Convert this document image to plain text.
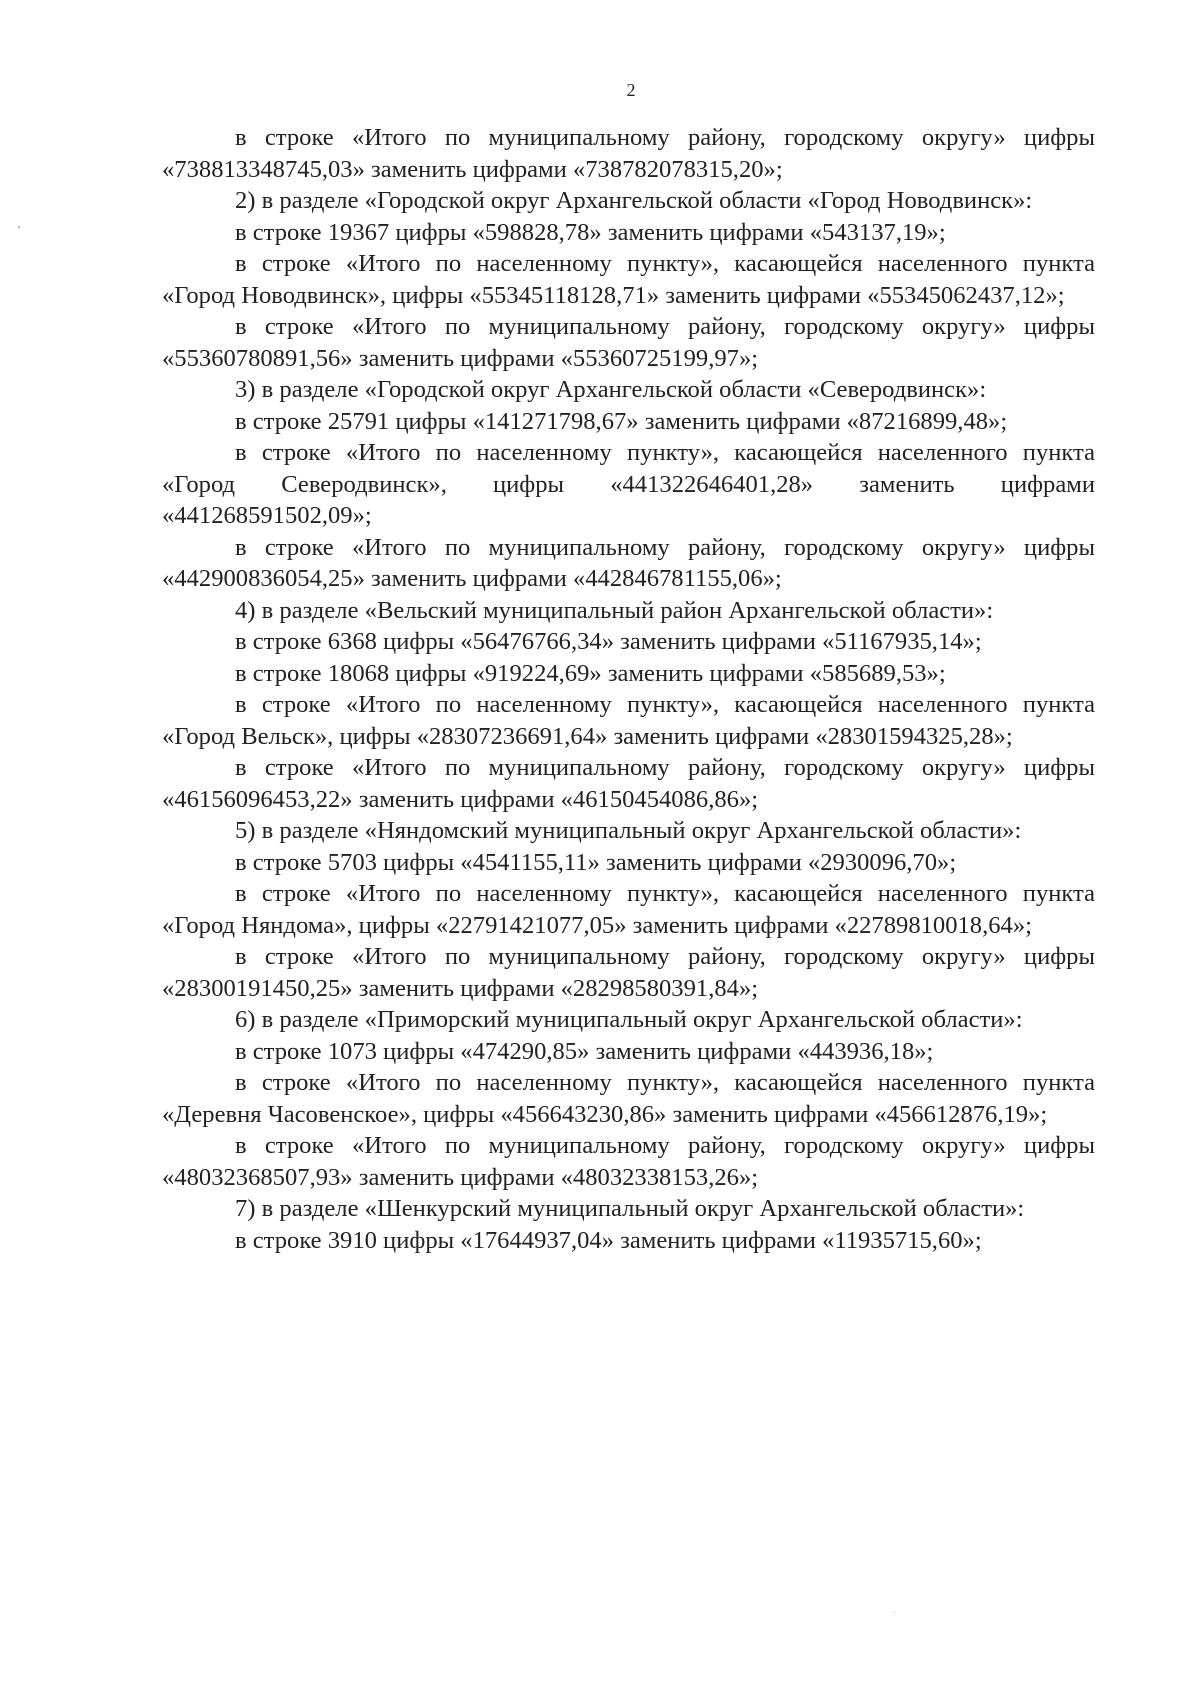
2

в строке «Итого по муниципальному району, городскому округу» цифры «738813348745,03» заменить цифрами «738782078315,20»;

2) в разделе «Городской округ Архангельской области «Город Новодвинск»:

в строке 19367 цифры «598828,78» заменить цифрами «543137,19»;

в строке «Итого по населенному пункту», касающейся населенного пункта «Город Новодвинск», цифры «55345118128,71» заменить цифрами «55345062437,12»;

в строке «Итого по муниципальному району, городскому округу» цифры «55360780891,56» заменить цифрами «55360725199,97»;

3) в разделе «Городской округ Архангельской области «Северодвинск»:

в строке 25791 цифры «141271798,67» заменить цифрами «87216899,48»;

в строке «Итого по населенному пункту», касающейся населенного пункта «Город Северодвинск», цифры «441322646401,28» заменить цифрами «441268591502,09»;

в строке «Итого по муниципальному району, городскому округу» цифры «442900836054,25» заменить цифрами «442846781155,06»;

4) в разделе «Вельский муниципальный район Архангельской области»:

в строке 6368 цифры «56476766,34» заменить цифрами «51167935,14»;

в строке 18068 цифры «919224,69» заменить цифрами «585689,53»;

в строке «Итого по населенному пункту», касающейся населенного пункта «Город Вельск», цифры «28307236691,64» заменить цифрами «28301594325,28»;

в строке «Итого по муниципальному району, городскому округу» цифры «46156096453,22» заменить цифрами «46150454086,86»;

5) в разделе «Няндомский муниципальный округ Архангельской области»:

в строке 5703 цифры «4541155,11» заменить цифрами «2930096,70»;

в строке «Итого по населенному пункту», касающейся населенного пункта «Город Няндома», цифры «22791421077,05» заменить цифрами «22789810018,64»;

в строке «Итого по муниципальному району, городскому округу» цифры «28300191450,25» заменить цифрами «28298580391,84»;

6) в разделе «Приморский муниципальный округ Архангельской области»:

в строке 1073 цифры «474290,85» заменить цифрами «443936,18»;

в строке «Итого по населенному пункту», касающейся населенного пункта «Деревня Часовенское», цифры «456643230,86» заменить цифрами «456612876,19»;

в строке «Итого по муниципальному району, городскому округу» цифры «48032368507,93» заменить цифрами «48032338153,26»;

7) в разделе «Шенкурский муниципальный округ Архангельской области»:

в строке 3910 цифры «17644937,04» заменить цифрами «11935715,60»;
